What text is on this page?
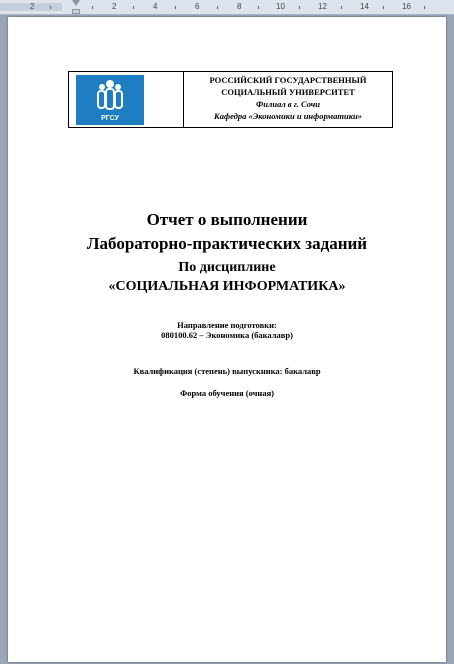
2	2	4	6	8	10	12	14	16
РГСУ
РОССИЙСКИЙ ГОСУДАРСТВЕННЫЙ
СОЦИАЛЬНЫЙ УНИВЕРСИТЕТ
Филиал в г. Сочи
Кафедра «Экономики и информатики»
Отчет о выполнении
Лабораторно-практических заданий
По дисциплине
«СОЦИАЛЬНАЯ ИНФОРМАТИКА»
Направление подготовки:
080100.62 – Экономика (бакалавр)
Квалификация (степень) выпускника: бакалавр
Форма обучения (очная)
